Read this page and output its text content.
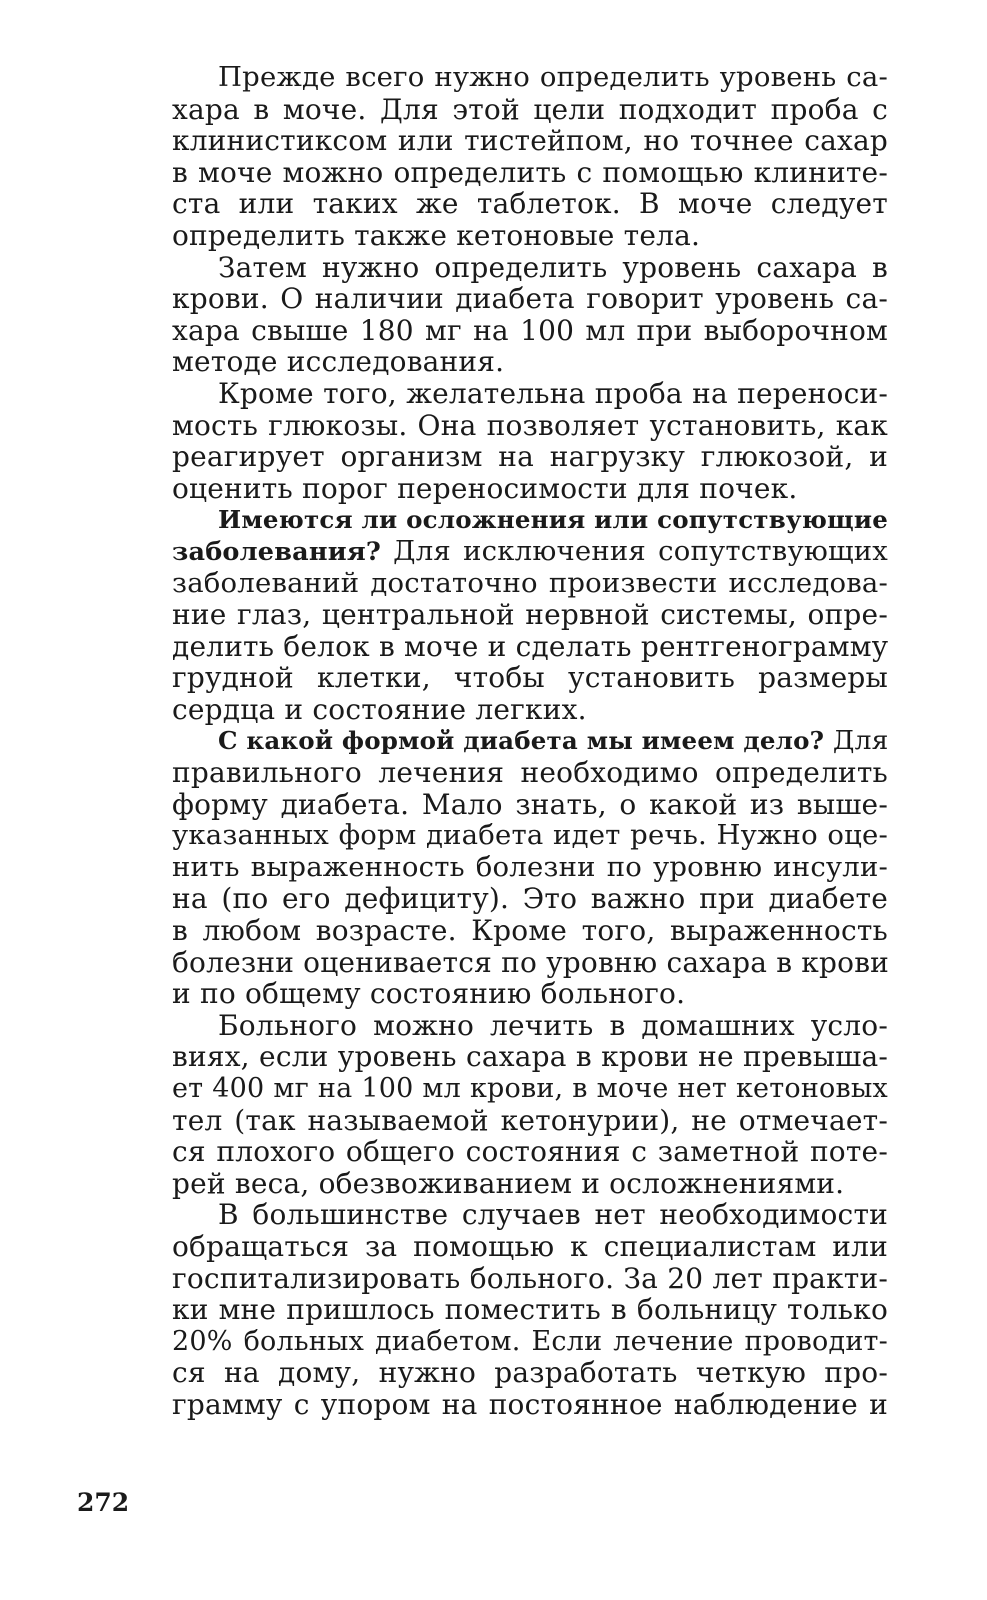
Прежде всего нужно определить уровень са-
хара в моче. Для этой цели подходит проба с
клинистиксом или тистейпом, но точнее сахар
в моче можно определить с помощью клините-
ста или таких же таблеток. В моче следует
определить также кетоновые тела.
Затем нужно определить уровень сахара в
крови. О наличии диабета говорит уровень са-
хара свыше 180 мг на 100 мл при выборочном
методе исследования.
Кроме того, желательна проба на переноси-
мость глюкозы. Она позволяет установить, как
реагирует организм на нагрузку глюкозой, и
оценить порог переносимости для почек.
Имеются ли осложнения или сопутствующие
заболевания? Для исключения сопутствующих
заболеваний достаточно произвести исследова-
ние глаз, центральной нервной системы, опре-
делить белок в моче и сделать рентгенограмму
грудной клетки, чтобы установить размеры
сердца и состояние легких.
С какой формой диабета мы имеем дело? Для
правильного лечения необходимо определить
форму диабета. Мало знать, о какой из выше-
указанных форм диабета идет речь. Нужно оце-
нить выраженность болезни по уровню инсули-
на (по его дефициту). Это важно при диабете
в любом возрасте. Кроме того, выраженность
болезни оценивается по уровню сахара в крови
и по общему состоянию больного.
Больного можно лечить в домашних усло-
виях, если уровень сахара в крови не превыша-
ет 400 мг на 100 мл крови, в моче нет кетоновых
тел (так называемой кетонурии), не отмечает-
ся плохого общего состояния с заметной поте-
рей веса, обезвоживанием и осложнениями.
В большинстве случаев нет необходимости
обращаться за помощью к специалистам или
госпитализировать больного. За 20 лет практи-
ки мне пришлось поместить в больницу только
20% больных диабетом. Если лечение проводит-
ся на дому, нужно разработать четкую про-
грамму с упором на постоянное наблюдение и
272
